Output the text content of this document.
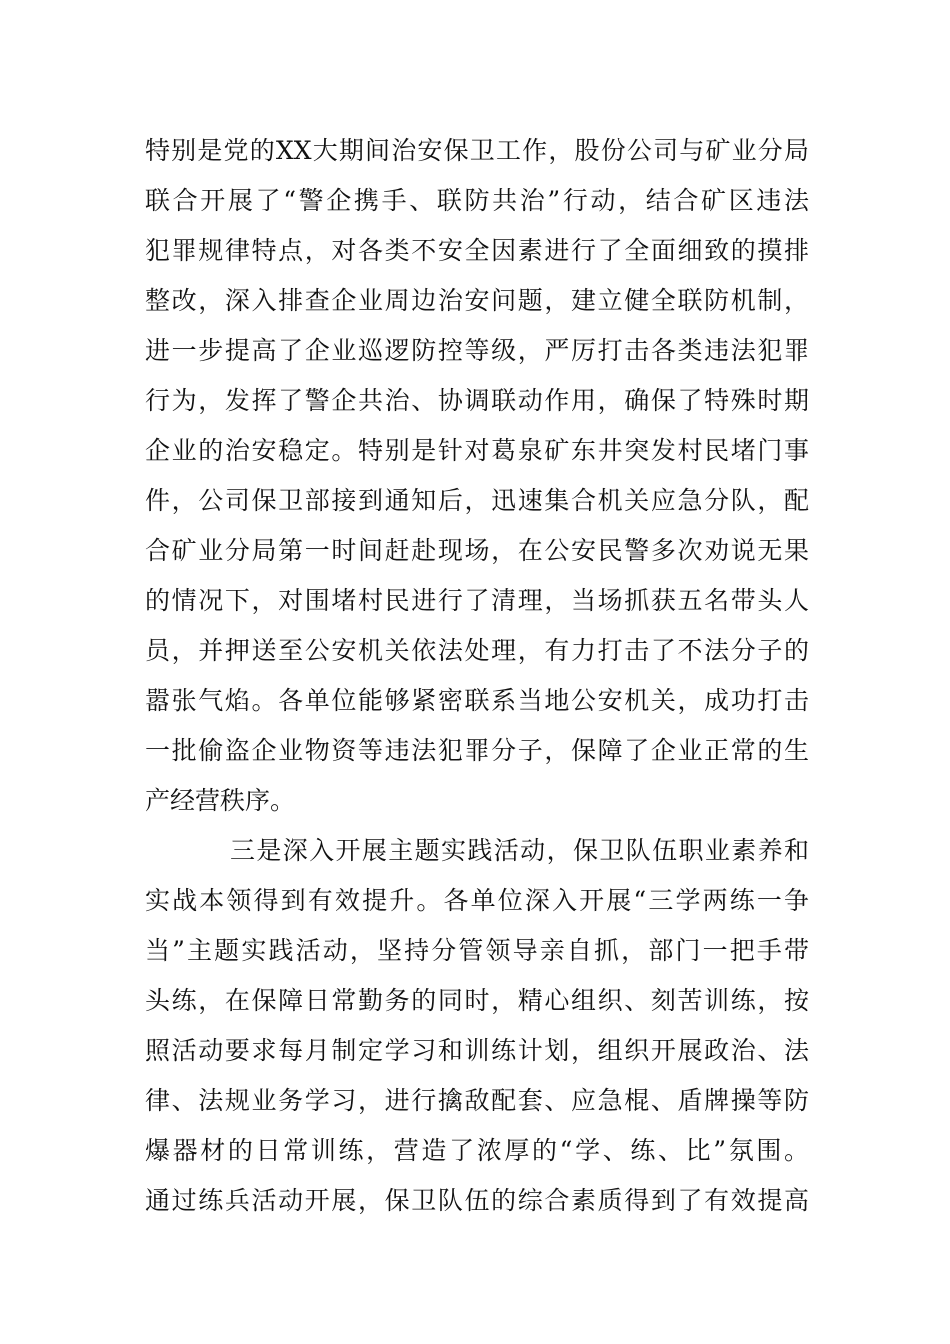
特别是党的XX大期间治安保卫工作，股份公司与矿业分局
联合开展了“警企携手、联防共治”行动，结合矿区违法
犯罪规律特点，对各类不安全因素进行了全面细致的摸排
整改，深入排查企业周边治安问题，建立健全联防机制，
进一步提高了企业巡逻防控等级，严厉打击各类违法犯罪
行为，发挥了警企共治、协调联动作用，确保了特殊时期
企业的治安稳定。特别是针对葛泉矿东井突发村民堵门事
件，公司保卫部接到通知后，迅速集合机关应急分队，配
合矿业分局第一时间赶赴现场，在公安民警多次劝说无果
的情况下，对围堵村民进行了清理，当场抓获五名带头人
员，并押送至公安机关依法处理，有力打击了不法分子的
嚣张气焰。各单位能够紧密联系当地公安机关，成功打击
一批偷盗企业物资等违法犯罪分子，保障了企业正常的生
产经营秩序。
三是深入开展主题实践活动，保卫队伍职业素养和
实战本领得到有效提升。各单位深入开展“三学两练一争
当”主题实践活动，坚持分管领导亲自抓，部门一把手带
头练，在保障日常勤务的同时，精心组织、刻苦训练，按
照活动要求每月制定学习和训练计划，组织开展政治、法
律、法规业务学习，进行擒敌配套、应急棍、盾牌操等防
爆器材的日常训练，营造了浓厚的“学、练、比”氛围。
通过练兵活动开展，保卫队伍的综合素质得到了有效提高
